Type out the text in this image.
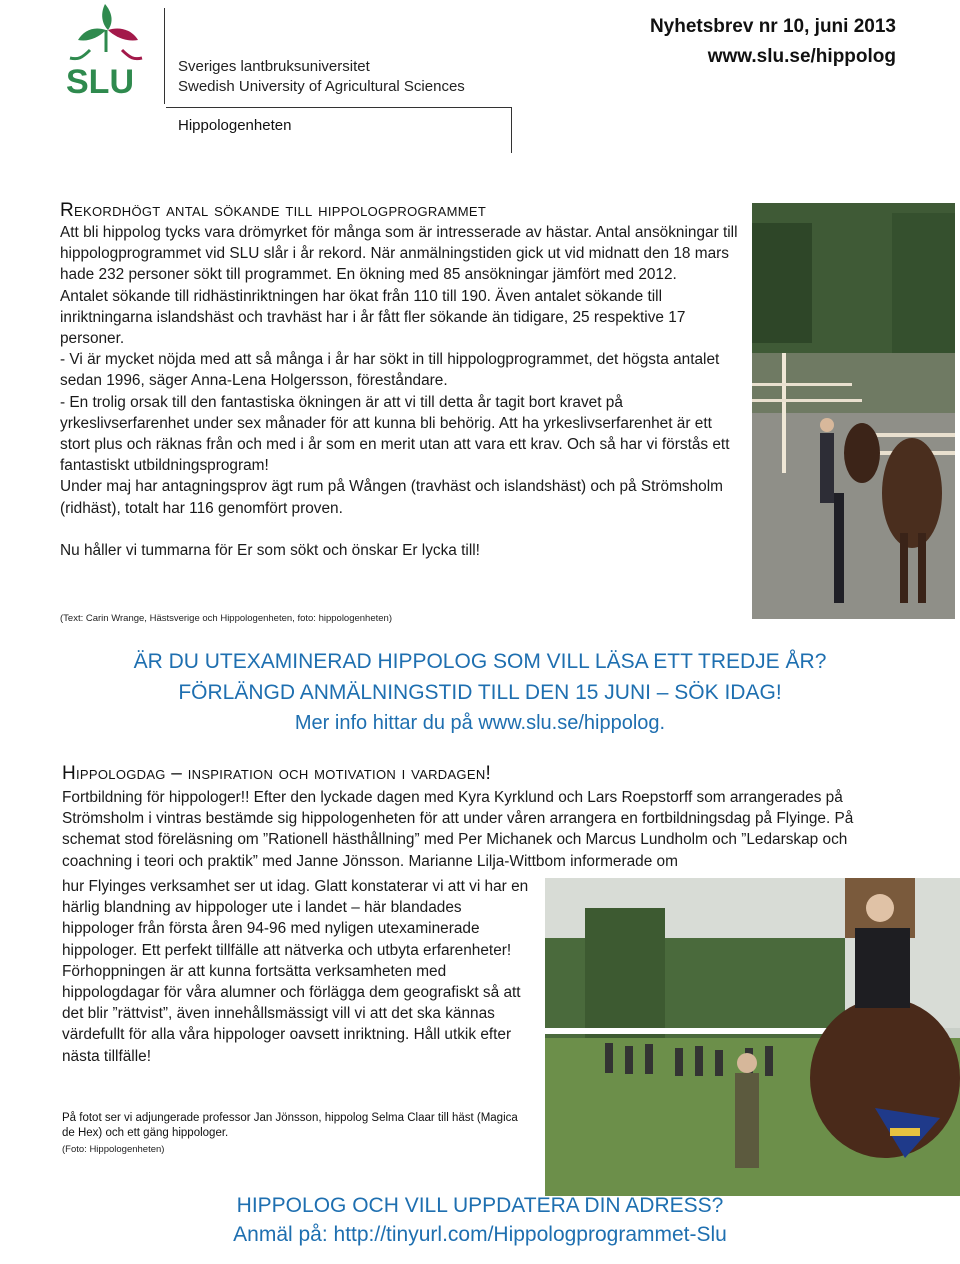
SLU	Sveriges lantbruksuniversitet
Swedish University of Agricultural Sciences
Hippologenheten
Nyhetsbrev nr 10, juni 2013
www.slu.se/hippolog
Rekordhögt antal sökande till hippologprogrammet

Att bli hippolog tycks vara drömyrket för många som är intresserade av hästar. Antal ansökningar till hippologprogrammet vid SLU slår i år rekord. När anmälningstiden gick ut vid midnatt den 18 mars hade 232 personer sökt till programmet. En ökning med 85 ansökningar jämfört med 2012.

Antalet sökande till ridhästinriktningen har ökat från 110 till 190. Även antalet sökande till inriktningarna islandshäst och travhäst har i år fått fler sökande än tidigare, 25 respektive 17 personer.

- Vi är mycket nöjda med att så många i år har sökt in till hippologprogrammet, det högsta antalet sedan 1996, säger Anna-Lena Holgersson, föreståndare.

- En trolig orsak till den fantastiska ökningen är att vi till detta år tagit bort kravet på yrkeslivserfarenhet under sex månader för att kunna bli behörig. Att ha yrkeslivserfarenhet är ett stort plus och räknas från och med i år som en merit utan att vara ett krav. Och så har vi förstås ett fantastiskt utbildningsprogram!

Under maj har antagningsprov ägt rum på Wången (travhäst och islandshäst) och på Strömsholm (ridhäst), totalt har 116 genomfört proven.

Nu håller vi tummarna för Er som sökt och önskar Er lycka till!

(Text: Carin Wrange, Hästsverige och Hippologenheten, foto: hippologenheten)
ÄR DU UTEXAMINERAD HIPPOLOG SOM VILL LÄSA ETT TREDJE ÅR?
FÖRLÄNGD ANMÄLNINGSTID TILL DEN 15 JUNI – SÖK IDAG!
Mer info hittar du på www.slu.se/hippolog.
Hippologdag – inspiration och motivation i vardagen!

Fortbildning för hippologer!! Efter den lyckade dagen med Kyra Kyrklund och Lars Roepstorff som arrangerades på Strömsholm i vintras bestämde sig hippologenheten för att under våren arrangera en fortbildningsdag på Flyinge. På schemat stod föreläsning om ”Rationell hästhållning” med Per Michanek och Marcus Lundholm och ”Ledarskap och coachning i teori och praktik” med Janne Jönsson. Marianne Lilja-Wittbom informerade om

hur Flyinges verksamhet ser ut idag. Glatt konstaterar vi att vi har en härlig blandning av hippologer ute i landet – här blandades hippologer från första åren 94-96 med nyligen utexaminerade hippologer. Ett perfekt tillfälle att nätverka och utbyta erfarenheter! Förhoppningen är att kunna fortsätta verksamheten med hippologdagar för våra alumner och förlägga dem geografiskt så att det blir ”rättvist”, även innehållsmässigt vill vi att det ska kännas värdefullt för alla våra hippologer oavsett inriktning. Håll utkik efter nästa tillfälle!

På fotot ser vi adjungerade professor Jan Jönsson, hippolog Selma Claar till häst (Magica de Hex) och ett gäng hippologer.
(Foto: Hippologenheten)
HIPPOLOG OCH VILL UPPDATERA DIN ADRESS?
Anmäl på: http://tinyurl.com/Hippologprogrammet-Slu
